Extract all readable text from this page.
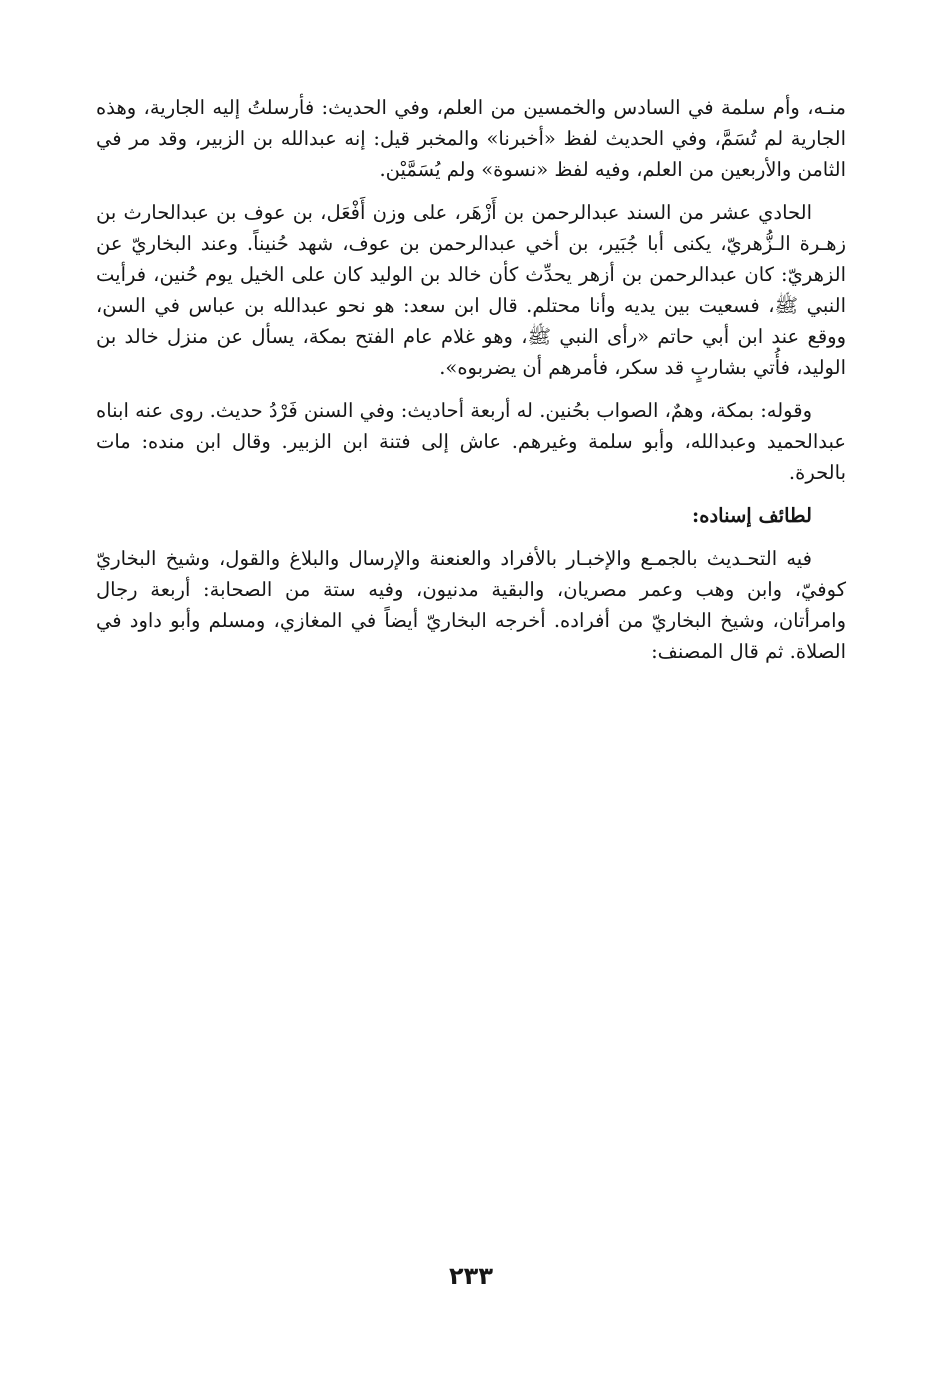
منـه، وأم سلمة في السادس والخمسين من العلم، وفي الحديث: فأرسلتُ إليه الجارية، وهذه الجارية لم تُسَمَّ، وفي الحديث لفظ «أخبرنا» والمخبر قيل: إنه عبدالله بن الزبير، وقد مر في الثامن والأربعين من العلم، وفيه لفظ «نسوة» ولم يُسَمَّيْن.

الحادي عشر من السند عبدالرحمن بن أَزْهَر، على وزن أَفْعَل، بن عوف بن عبدالحارث بن زهـرة الـزُّهريّ، يكنى أبا جُبَير، بن أخي عبدالرحمن بن عوف، شهد حُنيناً. وعند البخاريّ عن الزهريّ: كان عبدالرحمن بن أزهر يحدِّث كأن خالد بن الوليد كان على الخيل يوم حُنين، فرأيت النبي ﷺ، فسعيت بين يديه وأنا محتلم. قال ابن سعد: هو نحو عبدالله بن عباس في السن، ووقع عند ابن أبي حاتم «رأى النبي ﷺ، وهو غلام عام الفتح بمكة، يسأل عن منزل خالد بن الوليد، فأُتي بشاربٍ قد سكر، فأمرهم أن يضربوه».

وقوله: بمكة، وهمٌ، الصواب بحُنين. له أربعة أحاديث: وفي السنن فَرْدُ حديث. روى عنه ابناه عبدالحميد وعبدالله، وأبو سلمة وغيرهم. عاش إلى فتنة ابن الزبير. وقال ابن منده: مات بالحرة.

لطائف إسناده:

فيه التحـديث بالجمـع والإخبـار بالأفراد والعنعنة والإرسال والبلاغ والقول، وشيخ البخاريّ كوفيّ، وابن وهب وعمر مصريان، والبقية مدنيون، وفيه ستة من الصحابة: أربعة رجال وامرأتان، وشيخ البخاريّ من أفراده. أخرجه البخاريّ أيضاً في المغازي، ومسلم وأبو داود في الصلاة. ثم قال المصنف:

٢٣٣
